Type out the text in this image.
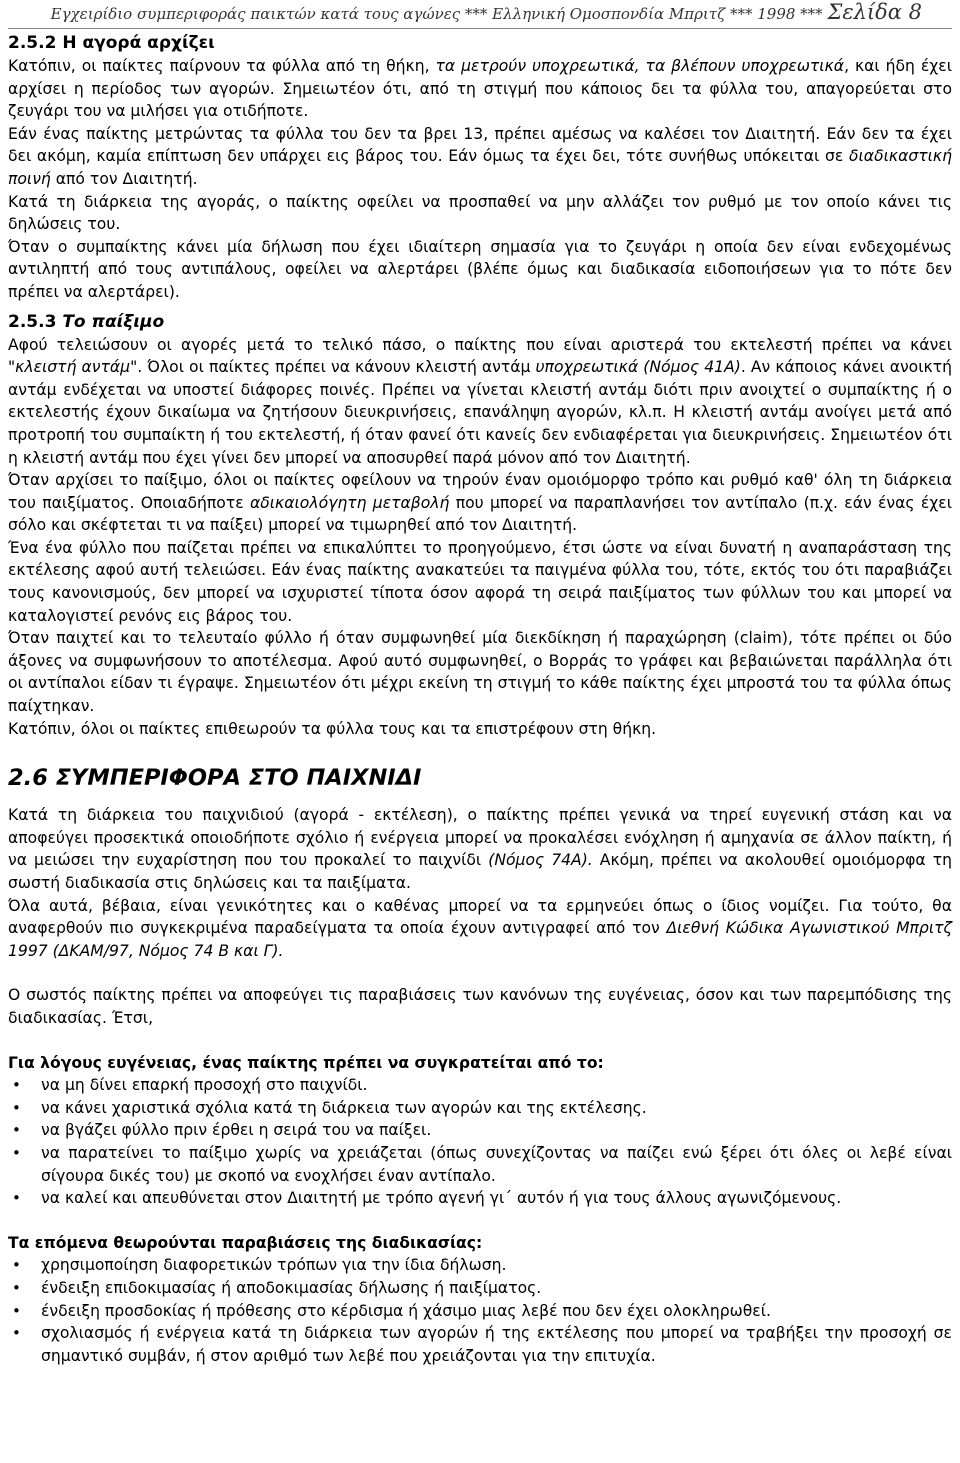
Εγχειρίδιο συμπεριφοράς παικτών κατά τους αγώνες *** Ελληνική Ομοσπονδία Μπριτζ *** 1998 *** Σελίδα 8
2.5.2 Η αγορά αρχίζει

Κατόπιν, οι παίκτες παίρνουν τα φύλλα από τη θήκη, τα μετρούν υποχρεωτικά, τα βλέπουν υποχρεωτικά, και ήδη έχει αρχίσει η περίοδος των αγορών. Σημειωτέον ότι, από τη στιγμή που κάποιος δει τα φύλλα του, απαγορεύεται στο ζευγάρι του να μιλήσει για οτιδήποτε.

Εάν ένας παίκτης μετρώντας τα φύλλα του δεν τα βρει 13, πρέπει αμέσως να καλέσει τον Διαιτητή. Εάν δεν τα έχει δει ακόμη, καμία επίπτωση δεν υπάρχει εις βάρος του. Εάν όμως τα έχει δει, τότε συνήθως υπόκειται σε διαδικαστική ποινή από τον Διαιτητή.

Κατά τη διάρκεια της αγοράς, ο παίκτης οφείλει να προσπαθεί να μην αλλάζει τον ρυθμό με τον οποίο κάνει τις δηλώσεις του.

Όταν ο συμπαίκτης κάνει μία δήλωση που έχει ιδιαίτερη σημασία για το ζευγάρι η οποία δεν είναι ενδεχομένως αντιληπτή από τους αντιπάλους, οφείλει να αλερτάρει (βλέπε όμως και διαδικασία ειδοποιήσεων για το πότε δεν πρέπει να αλερτάρει).

2.5.3 Το παίξιμο

Αφού τελειώσουν οι αγορές μετά το τελικό πάσο, ο παίκτης που είναι αριστερά του εκτελεστή πρέπει να κάνει "κλειστή αντάμ". Όλοι οι παίκτες πρέπει να κάνουν κλειστή αντάμ υποχρεωτικά (Νόμος 41Α). Αν κάποιος κάνει ανοικτή αντάμ ενδέχεται να υποστεί διάφορες ποινές. Πρέπει να γίνεται κλειστή αντάμ διότι πριν ανοιχτεί ο συμπαίκτης ή ο εκτελεστής έχουν δικαίωμα να ζητήσουν διευκρινήσεις, επανάληψη αγορών, κλ.π. Η κλειστή αντάμ ανοίγει μετά από προτροπή του συμπαίκτη ή του εκτελεστή, ή όταν φανεί ότι κανείς δεν ενδιαφέρεται για διευκρινήσεις. Σημειωτέον ότι η κλειστή αντάμ που έχει γίνει δεν μπορεί να αποσυρθεί παρά μόνον από τον Διαιτητή.

Όταν αρχίσει το παίξιμο, όλοι οι παίκτες οφείλουν να τηρούν έναν ομοιόμορφο τρόπο και ρυθμό καθ' όλη τη διάρκεια του παιξίματος. Οποιαδήποτε αδικαιολόγητη μεταβολή που μπορεί να παραπλανήσει τον αντίπαλο (π.χ. εάν ένας έχει σόλο και σκέφτεται τι να παίξει) μπορεί να τιμωρηθεί από τον Διαιτητή.

Ένα ένα φύλλο που παίζεται πρέπει να επικαλύπτει το προηγούμενο, έτσι ώστε να είναι δυνατή η αναπαράσταση της εκτέλεσης αφού αυτή τελειώσει. Εάν ένας παίκτης ανακατεύει τα παιγμένα φύλλα του, τότε, εκτός του ότι παραβιάζει τους κανονισμούς, δεν μπορεί να ισχυριστεί τίποτα όσον αφορά τη σειρά παιξίματος των φύλλων του και μπορεί να καταλογιστεί ρενόνς εις βάρος του.

Όταν παιχτεί και το τελευταίο φύλλο ή όταν συμφωνηθεί μία διεκδίκηση ή παραχώρηση (claim), τότε πρέπει οι δύο άξονες να συμφωνήσουν το αποτέλεσμα. Αφού αυτό συμφωνηθεί, ο Βορράς το γράφει και βεβαιώνεται παράλληλα ότι οι αντίπαλοι είδαν τι έγραψε. Σημειωτέον ότι μέχρι εκείνη τη στιγμή το κάθε παίκτης έχει μπροστά του τα φύλλα όπως παίχτηκαν.

Κατόπιν, όλοι οι παίκτες επιθεωρούν τα φύλλα τους και τα επιστρέφουν στη θήκη.

2.6 ΣΥΜΠΕΡΙΦΟΡΑ ΣΤΟ ΠΑΙΧΝΙΔΙ

Κατά τη διάρκεια του παιχνιδιού (αγορά - εκτέλεση), ο παίκτης πρέπει γενικά να τηρεί ευγενική στάση και να αποφεύγει προσεκτικά οποιοδήποτε σχόλιο ή ενέργεια μπορεί να προκαλέσει ενόχληση ή αμηχανία σε άλλον παίκτη, ή να μειώσει την ευχαρίστηση που του προκαλεί το παιχνίδι (Νόμος 74Α). Ακόμη, πρέπει να ακολουθεί ομοιόμορφα τη σωστή διαδικασία στις δηλώσεις και τα παιξίματα.

Όλα αυτά, βέβαια, είναι γενικότητες και ο καθένας μπορεί να τα ερμηνεύει όπως ο ίδιος νομίζει. Για τούτο, θα αναφερθούν πιο συγκεκριμένα παραδείγματα τα οποία έχουν αντιγραφεί από τον Διεθνή Κώδικα Αγωνιστικού Μπριτζ 1997 (ΔΚΑΜ/97, Νόμος 74 Β και Γ).

Ο σωστός παίκτης πρέπει να αποφεύγει τις παραβιάσεις των κανόνων της ευγένειας, όσον και των παρεμπόδισης της διαδικασίας. Έτσι,

Για λόγους ευγένειας, ένας παίκτης πρέπει να συγκρατείται από το:

• να μη δίνει επαρκή προσοχή στο παιχνίδι.
• να κάνει χαριστικά σχόλια κατά τη διάρκεια των αγορών και της εκτέλεσης.
• να βγάζει φύλλο πριν έρθει η σειρά του να παίξει.
• να παρατείνει το παίξιμο χωρίς να χρειάζεται (όπως συνεχίζοντας να παίζει ενώ ξέρει ότι όλες οι λεβέ είναι σίγουρα δικές του) με σκοπό να ενοχλήσει έναν αντίπαλο.
• να καλεί και απευθύνεται στον Διαιτητή με τρόπο αγενή γι΄ αυτόν ή για τους άλλους αγωνιζόμενους.

Τα επόμενα θεωρούνται παραβιάσεις της διαδικασίας:

• χρησιμοποίηση διαφορετικών τρόπων για την ίδια δήλωση.
• ένδειξη επιδοκιμασίας ή αποδοκιμασίας δήλωσης ή παιξίματος.
• ένδειξη προσδοκίας ή πρόθεσης στο κέρδισμα ή χάσιμο μιας λεβέ που δεν έχει ολοκληρωθεί.
• σχολιασμός ή ενέργεια κατά τη διάρκεια των αγορών ή της εκτέλεσης που μπορεί να τραβήξει την προσοχή σε σημαντικό συμβάν, ή στον αριθμό των λεβέ που χρειάζονται για την επιτυχία.
